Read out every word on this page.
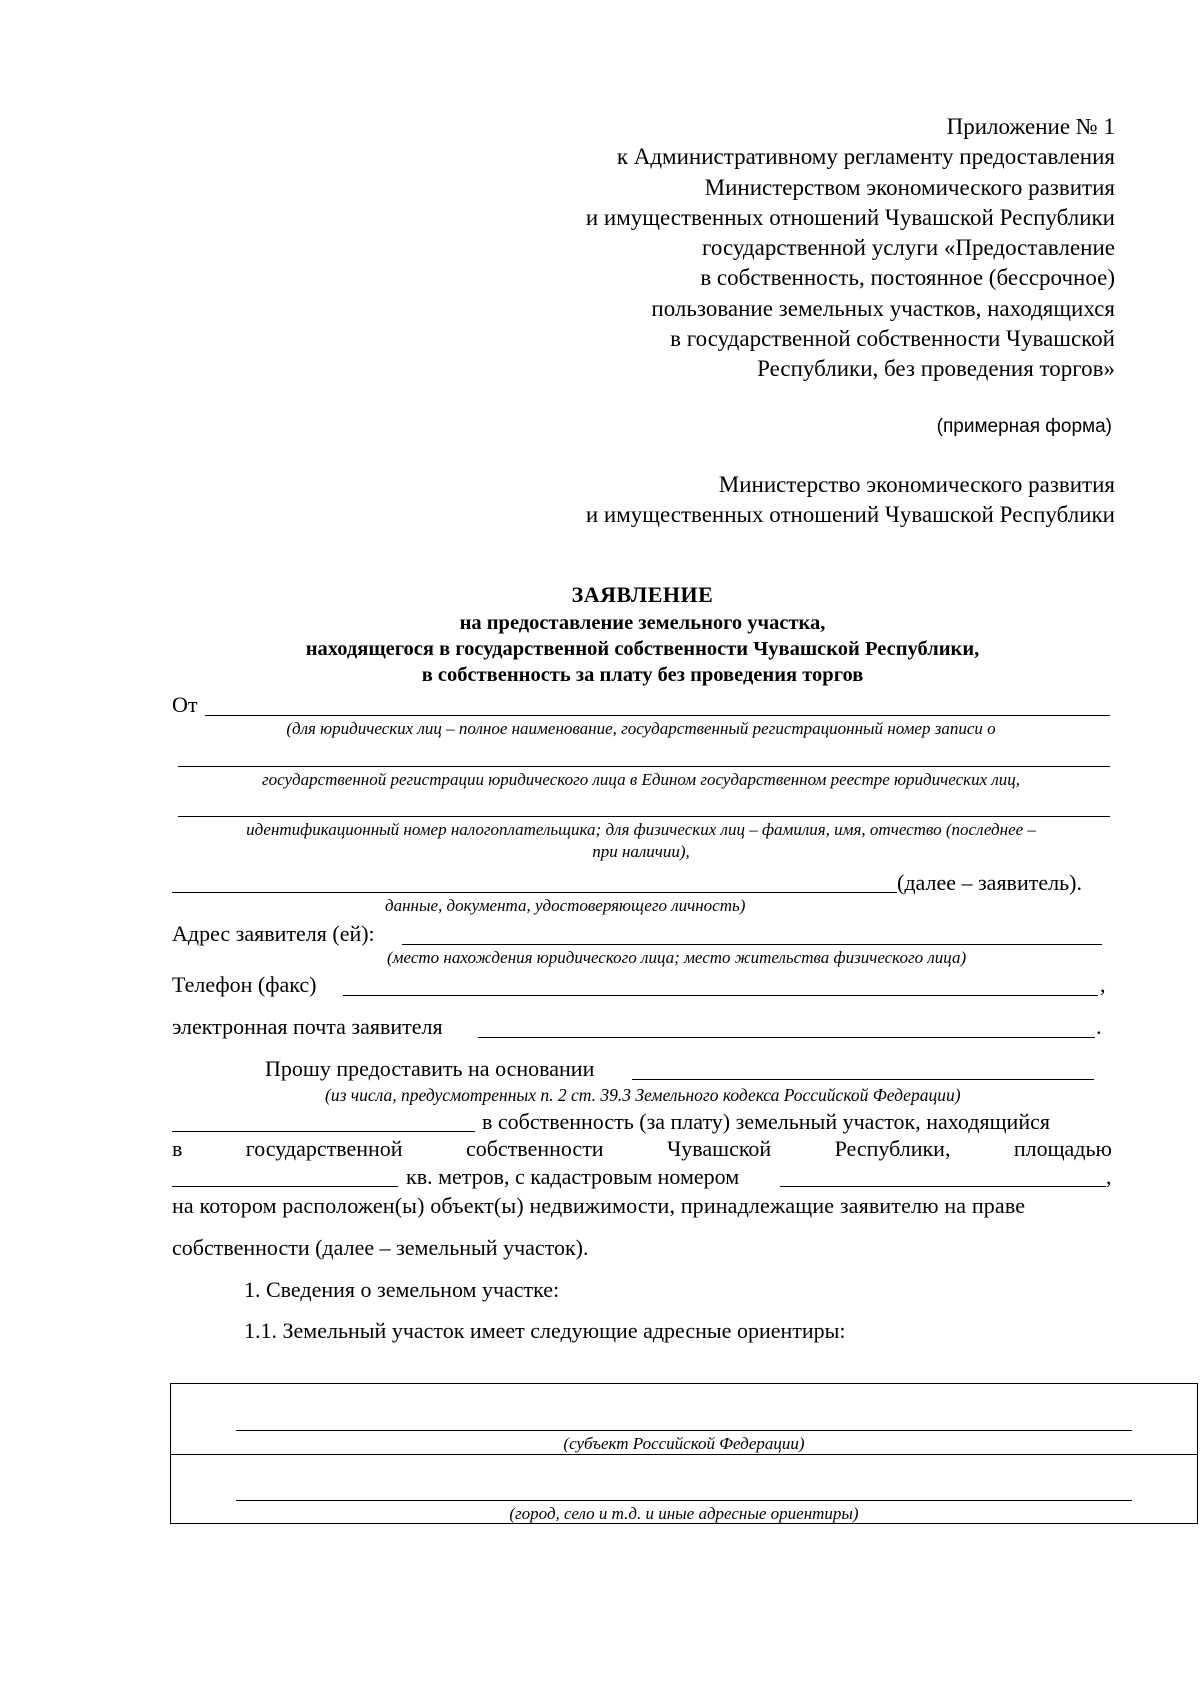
Приложение № 1
к Административному регламенту предоставления
Министерством экономического развития
и имущественных отношений Чувашской Республики
государственной услуги «Предоставление
в собственность, постоянное (бессрочное)
пользование земельных участков, находящихся
в государственной собственности Чувашской
Республики, без проведения торгов»
(примерная форма)
Министерство экономического развития
и имущественных отношений Чувашской Республики
ЗАЯВЛЕНИЕ
на предоставление земельного участка,
находящегося в государственной собственности Чувашской Республики,
в собственность за плату без проведения торгов
От
(для юридических лиц – полное наименование, государственный регистрационный номер записи о
государственной регистрации юридического лица в Едином государственном реестре юридических лиц,
идентификационный номер налогоплательщика; для физических лиц – фамилия, имя, отчество (последнее –
при наличии),
(далее – заявитель).
данные, документа, удостоверяющего личность)
Адрес заявителя (ей):
(место нахождения юридического лица; место жительства физического лица)
Телефон (факс)	,
электронная почта заявителя	.
Прошу предоставить на основании
(из числа, предусмотренных п. 2 ст. 39.3 Земельного кодекса Российской Федерации)
в собственность (за плату) земельный участок, находящийся
в	государственной	собственности	Чувашской	Республики,	площадью
кв. метров, с кадастровым номером	,
на котором расположен(ы) объект(ы) недвижимости, принадлежащие заявителю на праве
собственности (далее – земельный участок).
1. Сведения о земельном участке:
1.1. Земельный участок имеет следующие адресные ориентиры:
(субъект Российской Федерации)
(город, село и т.д. и иные адресные ориентиры)
